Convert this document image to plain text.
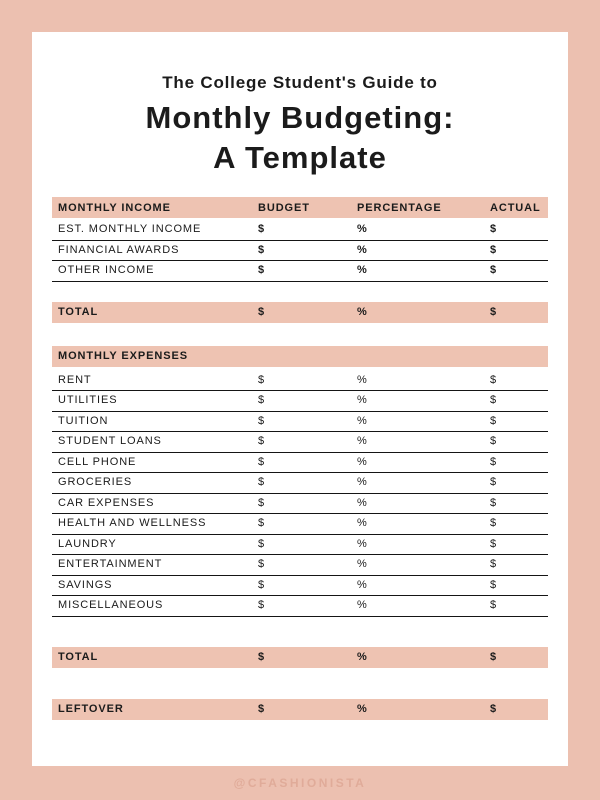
The College Student's Guide to
Monthly Budgeting:
A Template
MONTHLY INCOME	BUDGET	PERCENTAGE	ACTUAL
EST. MONTHLY INCOME	$	%	$
FINANCIAL AWARDS	$	%	$
OTHER INCOME	$	%	$
TOTAL	$	%	$
MONTHLY EXPENSES
RENT	$	%	$
UTILITIES	$	%	$
TUITION	$	%	$
STUDENT LOANS	$	%	$
CELL PHONE	$	%	$
GROCERIES	$	%	$
CAR EXPENSES	$	%	$
HEALTH AND WELLNESS	$	%	$
LAUNDRY	$	%	$
ENTERTAINMENT	$	%	$
SAVINGS	$	%	$
MISCELLANEOUS	$	%	$
TOTAL	$	%	$
LEFTOVER	$	%	$
@CFASHIONISTA
